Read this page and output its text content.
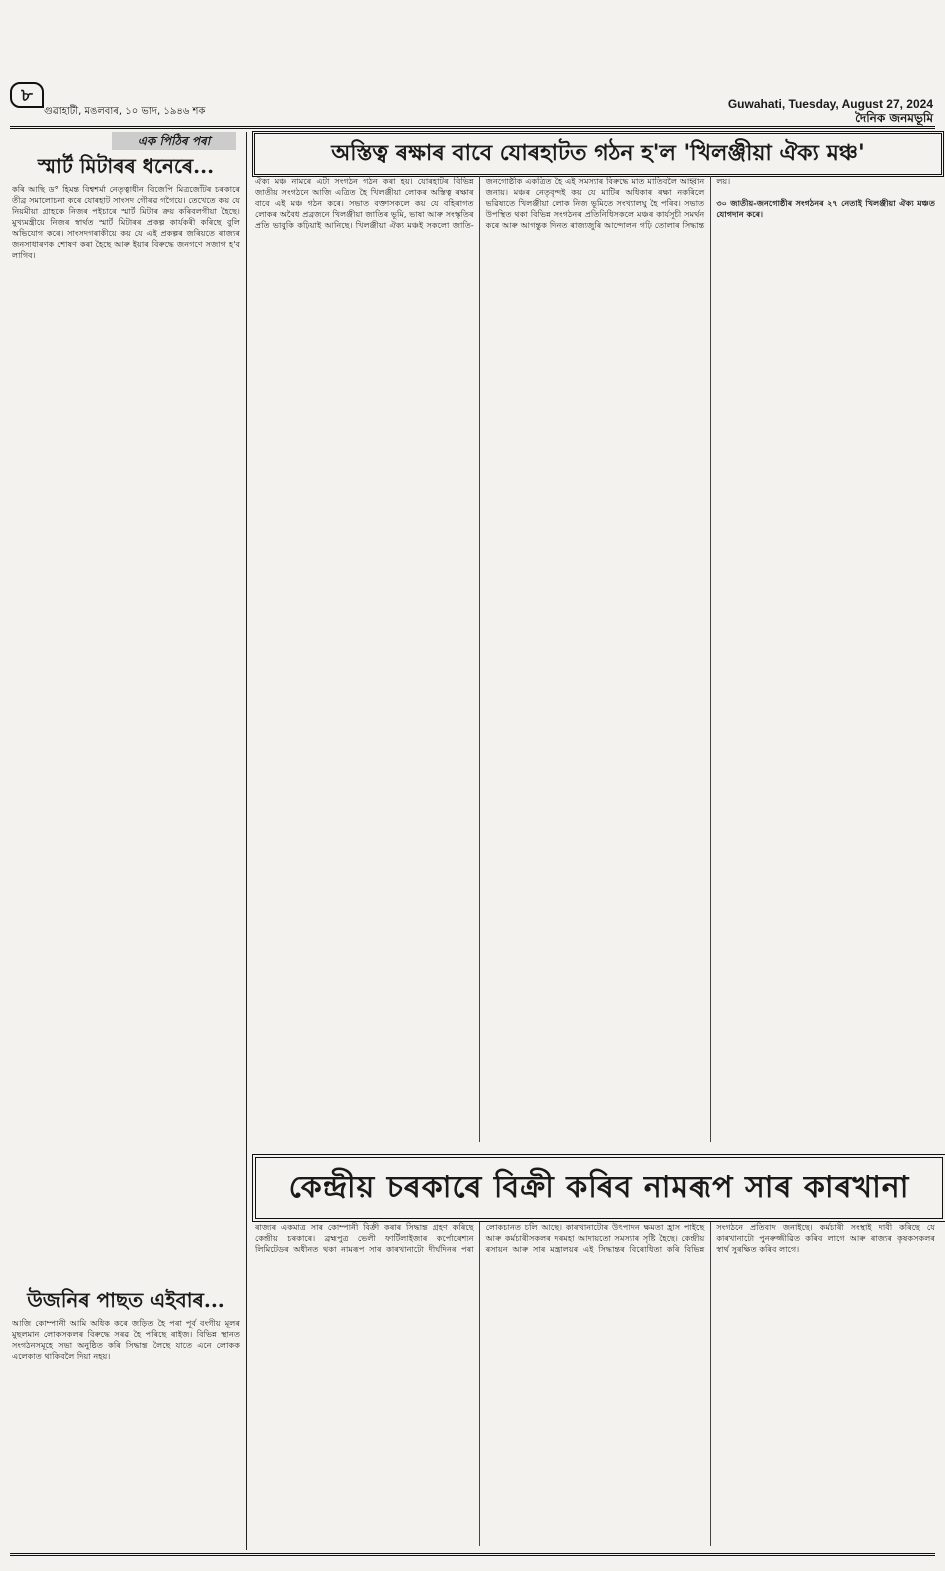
৮
গুৱাহাটী, মঙলবাৰ, ১০ ভাদ, ১৯৪৬ শক
Guwahati, Tuesday, August 27, 2024
দৈনিক জনমভূমি
এক পিঠিৰ পৰা
স্মাৰ্ট মিটাৰৰ ধনেৰে...
কৰি আছি ড° হিমন্ত বিশ্বশৰ্মা নেতৃত্বাধীন বিজেপি মিত্ৰজোঁটৰ চৰকাৰে তীব্ৰ সমালোচনা কৰে যোৰহাট সাংসদ গৌৰৱ গগৈয়ে। তেখেতে কয় যে নিয়মীয়া গ্ৰাহকে নিজৰ পইচাৰে স্মাৰ্ট মিটাৰ ক্ৰয় কৰিবলগীয়া হৈছে। মুখ্যমন্ত্ৰীয়ে নিজৰ স্বাৰ্থত স্মাৰ্ট মিটাৰৰ প্ৰকল্প কাৰ্যকৰী কৰিছে বুলি অভিযোগ কৰে। সাংসদগৰাকীয়ে কয় যে এই প্ৰকল্পৰ জৰিয়তে ৰাজ্যৰ জনসাধাৰণক শোষণ কৰা হৈছে আৰু ইয়াৰ বিৰুদ্ধে জনগণে সজাগ হ'ব লাগিব।
উজনিৰ পাছত এইবাৰ...
আজি কোম্পানী আমি অধিক কৰে জড়িত হৈ পৰা পূৰ্ব বংগীয় মূলৰ মুছলমান লোকসকলৰ বিৰুদ্ধে সৰৱ হৈ পৰিছে ৰাইজ। বিভিন্ন স্থানত সংগঠনসমূহে সভা অনুষ্ঠিত কৰি সিদ্ধান্ত লৈছে যাতে এনে লোকক এলেকাত থাকিবলৈ দিয়া নহয়।
অস্তিত্ব ৰক্ষাৰ বাবে যোৰহাটত গঠন হ'ল 'খিলঞ্জীয়া ঐক্য মঞ্চ'
ঐক্য মঞ্চ নামৰে এটা সংগঠন গঠন কৰা হয়। যোৰহাটৰ বিভিন্ন জাতীয় সংগঠনে আজি এত্ৰিত হৈ খিলঞ্জীয়া লোকৰ অস্তিত্ব ৰক্ষাৰ বাবে এই মঞ্চ গঠন কৰে। সভাত বক্তাসকলে কয় যে বহিৰাগত লোকৰ অবৈধ প্ৰব্ৰজনে খিলঞ্জীয়া জাতিৰ ভূমি, ভাষা আৰু সংস্কৃতিৰ প্ৰতি ভাবুকি কঢ়িয়াই আনিছে। খিলঞ্জীয়া ঐক্য মঞ্চই সকলো জাতি-জনগোষ্ঠীক একত্ৰিত হৈ এই সমস্যাৰ বিৰুদ্ধে মাত মাতিবলৈ আহ্বান জনায়। মঞ্চৰ নেতৃবৃন্দই কয় যে মাটিৰ অধিকাৰ ৰক্ষা নকৰিলে ভৱিষ্যতে খিলঞ্জীয়া লোক নিজ ভূমিতে সংখ্যালঘু হৈ পৰিব। সভাত উপস্থিত থকা বিভিন্ন সংগঠনৰ প্ৰতিনিধিসকলে মঞ্চৰ কাৰ্যসূচী সমৰ্থন কৰে আৰু আগন্তুক দিনত ৰাজ্যজুৰি আন্দোলন গঢ়ি তোলাৰ সিদ্ধান্ত লয়।

৩০ জাতীয়-জনগোষ্ঠীৰ সংগঠনৰ ২৭ নেতাই খিলঞ্জীয়া ঐক্য মঞ্চত যোগদান কৰে।
কেন্দ্ৰীয় চৰকাৰে বিক্ৰী কৰিব নামৰূপ সাৰ কাৰখানা
ৰাজ্যৰ একমাত্ৰ সাৰ কোম্পানী বিক্ৰী কৰাৰ সিদ্ধান্ত গ্ৰহণ কৰিছে কেন্দ্ৰীয় চৰকাৰে। ব্ৰহ্মপুত্ৰ ভেলী ফাৰ্টিলাইজাৰ কৰ্পোৰেশ্যন লিমিটেডৰ অধীনত থকা নামৰূপ সাৰ কাৰখানাটো দীৰ্ঘদিনৰ পৰা লোকচানত চলি আছে। কাৰখানাটোৰ উৎপাদন ক্ষমতা হ্ৰাস পাইছে আৰু কৰ্মচাৰীসকলৰ দৰমহা আদায়তো সমস্যাৰ সৃষ্টি হৈছে। কেন্দ্ৰীয় ৰসায়ন আৰু সাৰ মন্ত্ৰালয়ৰ এই সিদ্ধান্তৰ বিৰোধিতা কৰি বিভিন্ন সংগঠনে প্ৰতিবাদ জনাইছে। কৰ্মচাৰী সংস্থাই দাবী কৰিছে যে কাৰখানাটো পুনৰুজ্জীৱিত কৰিব লাগে আৰু ৰাজ্যৰ কৃষকসকলৰ স্বাৰ্থ সুৰক্ষিত কৰিব লাগে।
